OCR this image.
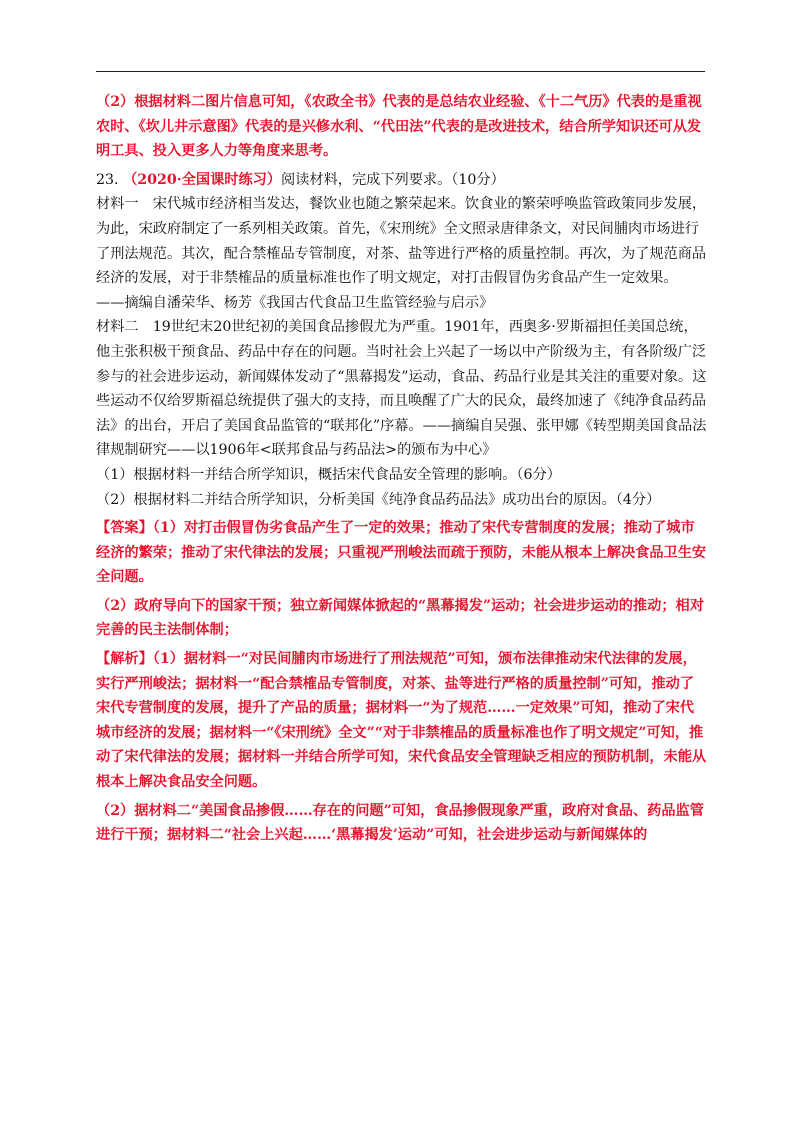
（2）根据材料二图片信息可知，《农政全书》代表的是总结农业经验、《十二气历》代表的是重视农时、《坎儿井示意图》代表的是兴修水利、“代田法”代表的是改进技术，结合所学知识还可从发明工具、投入更多人力等角度来思考。

23. （2020·全国课时练习）阅读材料，完成下列要求。（10分）

材料一　宋代城市经济相当发达，餐饮业也随之繁荣起来。饮食业的繁荣呼唤监管政策同步发展，为此，宋政府制定了一系列相关政策。首先，《宋刑统》全文照录唐律条文，对民间脯肉市场进行了刑法规范。其次，配合禁榷品专管制度，对茶、盐等进行严格的质量控制。再次，为了规范商品经济的发展，对于非禁榷品的质量标准也作了明文规定，对打击假冒伪劣食品产生一定效果。

——摘编自潘荣华、杨芳《我国古代食品卫生监管经验与启示》

材料二　19世纪末20世纪初的美国食品掺假尤为严重。1901年，西奥多·罗斯福担任美国总统，他主张积极干预食品、药品中存在的问题。当时社会上兴起了一场以中产阶级为主，有各阶级广泛参与的社会进步运动，新闻媒体发动了“黑幕揭发”运动，食品、药品行业是其关注的重要对象。这些运动不仅给罗斯福总统提供了强大的支持，而且唤醒了广大的民众，最终加速了《纯净食品药品法》的出台，开启了美国食品监管的“联邦化”序幕。——摘编自吴强、张甲娜《转型期美国食品法律规制研究——以1906年<联邦食品与药品法>的颁布为中心》

（1）根据材料一并结合所学知识，概括宋代食品安全管理的影响。（6分）

（2）根据材料二并结合所学知识，分析美国《纯净食品药品法》成功出台的原因。（4分）

【答案】（1）对打击假冒伪劣食品产生了一定的效果；推动了宋代专营制度的发展；推动了城市经济的繁荣；推动了宋代律法的发展；只重视严刑峻法而疏于预防，未能从根本上解决食品卫生安全问题。

（2）政府导向下的国家干预；独立新闻媒体掀起的“黑幕揭发”运动；社会进步运动的推动；相对完善的民主法制体制；

【解析】（1）据材料一“对民间脯肉市场进行了刑法规范”可知，颁布法律推动宋代法律的发展，实行严刑峻法；据材料一“配合禁榷品专管制度，对茶、盐等进行严格的质量控制”可知，推动了宋代专营制度的发展，提升了产品的质量；据材料一“为了规范……一定效果”可知，推动了宋代城市经济的发展；据材料一“《宋刑统》全文”“对于非禁榷品的质量标准也作了明文规定”可知，推动了宋代律法的发展；据材料一并结合所学可知，宋代食品安全管理缺乏相应的预防机制，未能从根本上解决食品安全问题。

（2）据材料二“美国食品掺假……存在的问题”可知，食品掺假现象严重，政府对食品、药品监管进行干预；据材料二“社会上兴起……‘黑幕揭发’运动”可知，社会进步运动与新闻媒体的
